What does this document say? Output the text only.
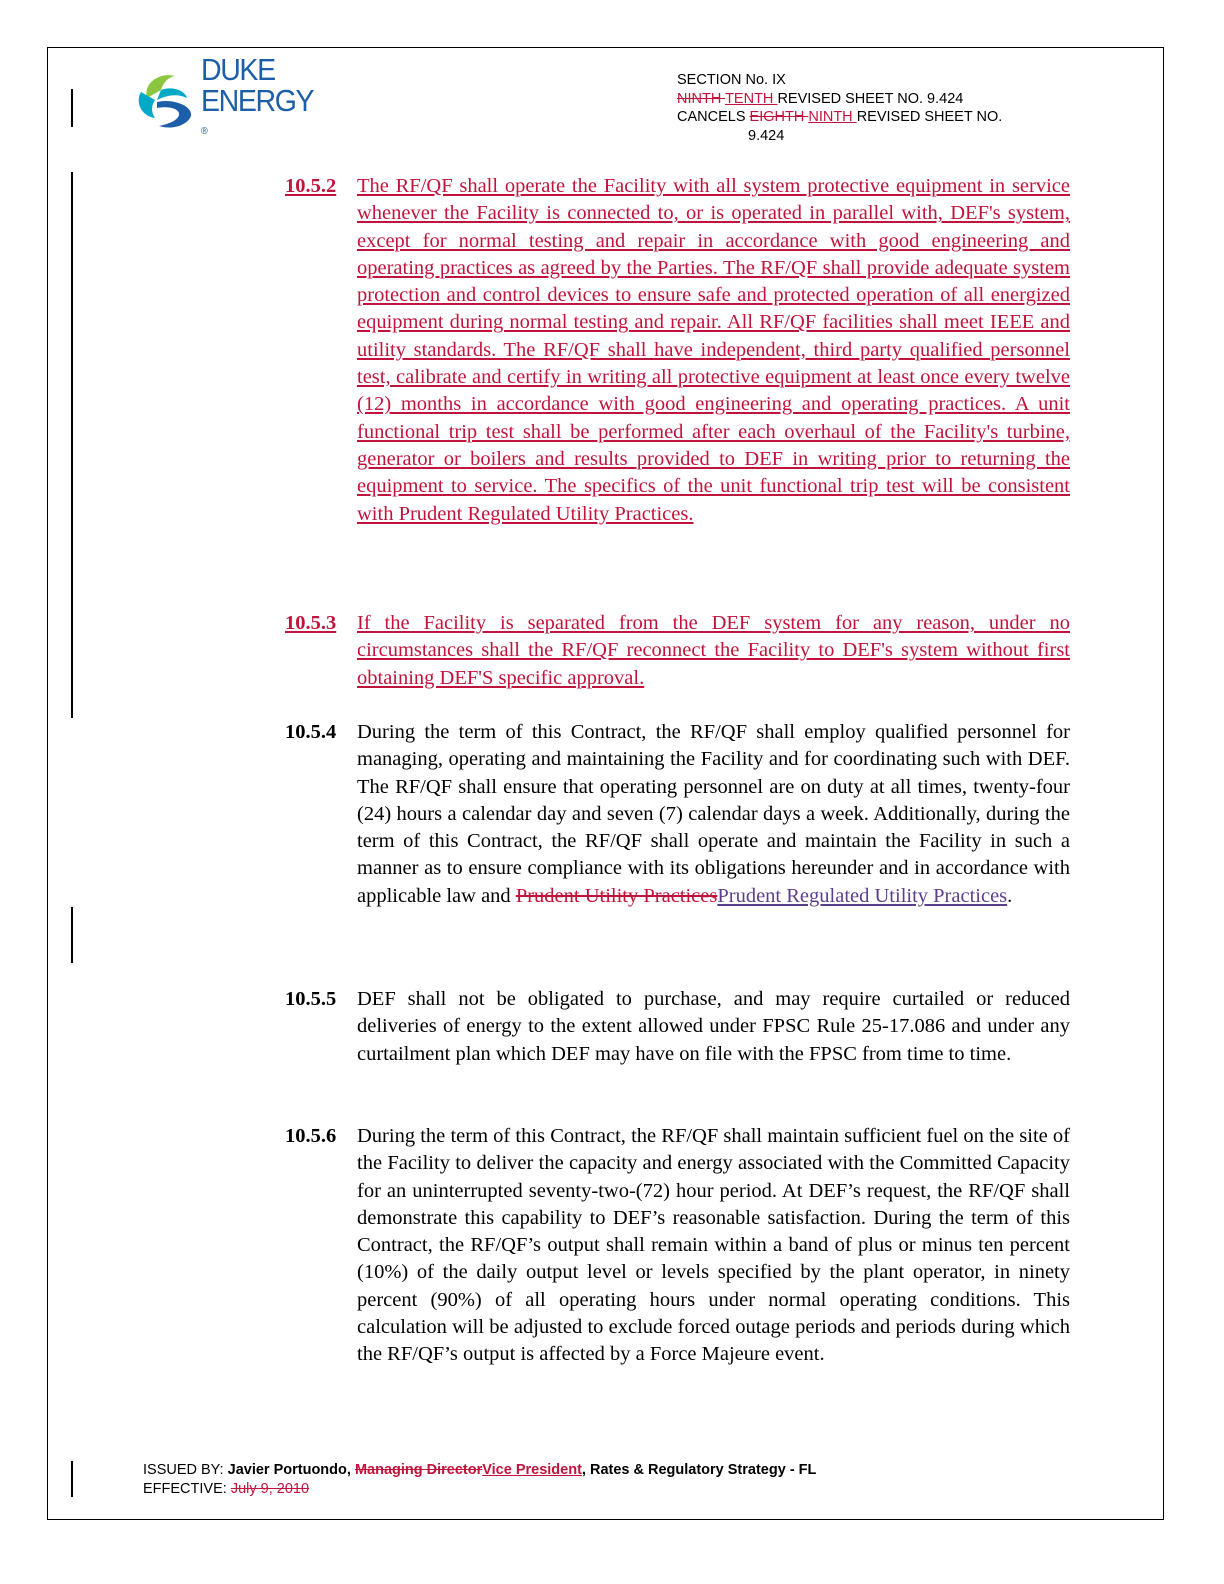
DUKE
ENERGY
®
SECTION No. IX
NINTH TENTH REVISED SHEET NO. 9.424
CANCELS EIGHTH NINTH REVISED SHEET NO.
9.424
10.5.2 The RF/QF shall operate the Facility with all system protective equipment in service whenever the Facility is connected to, or is operated in parallel with, DEF's system, except for normal testing and repair in accordance with good engineering and operating practices as agreed by the Parties. The RF/QF shall provide adequate system protection and control devices to ensure safe and protected operation of all energized equipment during normal testing and repair. All RF/QF facilities shall meet IEEE and utility standards. The RF/QF shall have independent, third party qualified personnel test, calibrate and certify in writing all protective equipment at least once every twelve (12) months in accordance with good engineering and operating practices. A unit functional trip test shall be performed after each overhaul of the Facility's turbine, generator or boilers and results provided to DEF in writing prior to returning the equipment to service. The specifics of the unit functional trip test will be consistent with Prudent Regulated Utility Practices.
10.5.3 If the Facility is separated from the DEF system for any reason, under no circumstances shall the RF/QF reconnect the Facility to DEF's system without first obtaining DEF'S specific approval.
10.5.4 During the term of this Contract, the RF/QF shall employ qualified personnel for managing, operating and maintaining the Facility and for coordinating such with DEF. The RF/QF shall ensure that operating personnel are on duty at all times, twenty-four (24) hours a calendar day and seven (7) calendar days a week. Additionally, during the term of this Contract, the RF/QF shall operate and maintain the Facility in such a manner as to ensure compliance with its obligations hereunder and in accordance with applicable law and Prudent Utility PracticesPrudent Regulated Utility Practices.
10.5.5 DEF shall not be obligated to purchase, and may require curtailed or reduced deliveries of energy to the extent allowed under FPSC Rule 25-17.086 and under any curtailment plan which DEF may have on file with the FPSC from time to time.
10.5.6 During the term of this Contract, the RF/QF shall maintain sufficient fuel on the site of the Facility to deliver the capacity and energy associated with the Committed Capacity for an uninterrupted seventy-two-(72) hour period. At DEF’s request, the RF/QF shall demonstrate this capability to DEF’s reasonable satisfaction. During the term of this Contract, the RF/QF’s output shall remain within a band of plus or minus ten percent (10%) of the daily output level or levels specified by the plant operator, in ninety percent (90%) of all operating hours under normal operating conditions. This calculation will be adjusted to exclude forced outage periods and periods during which the RF/QF’s output is affected by a Force Majeure event.
ISSUED BY: Javier Portuondo, Managing DirectorVice President, Rates & Regulatory Strategy - FL
EFFECTIVE: July 9, 2010
